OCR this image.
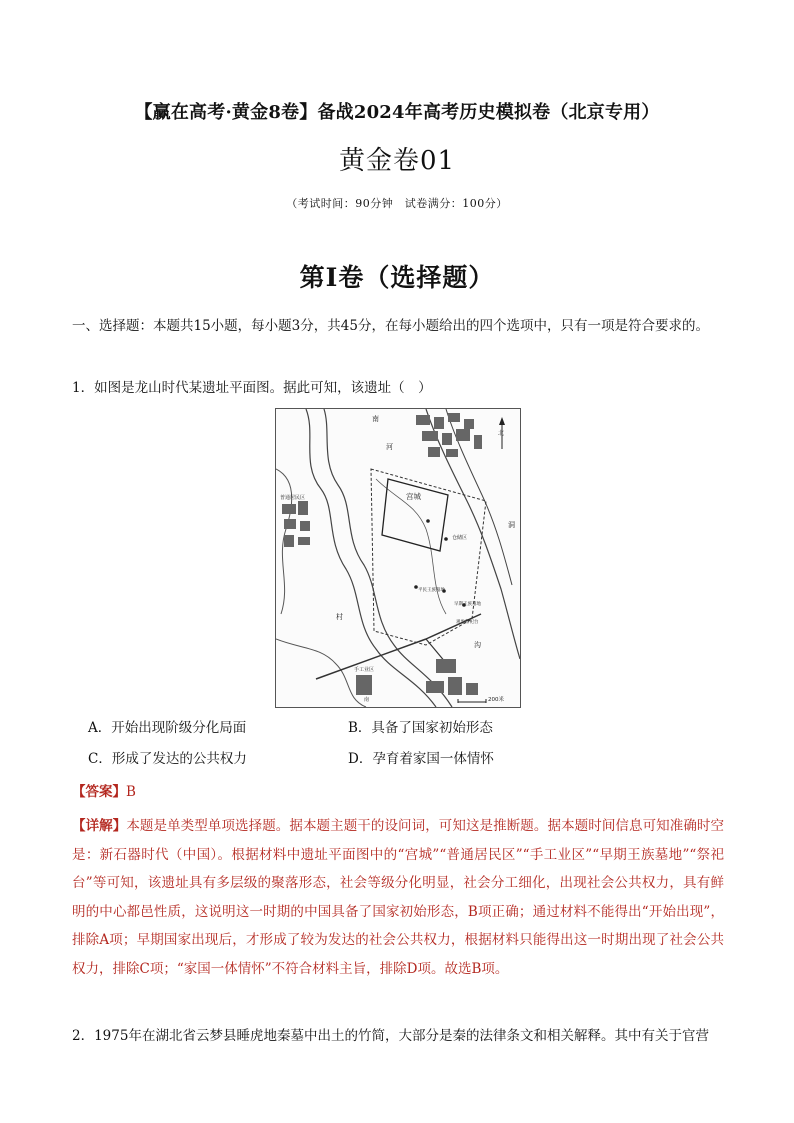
【赢在高考·黄金8卷】备战2024年高考历史模拟卷（北京专用）
黄金卷01
（考试时间：90分钟　试卷满分：100分）
第I卷（选择题）
一、选择题：本题共15小题，每小题3分，共45分，在每小题给出的四个选项中，只有一项是符合要求的。
1．如图是龙山时代某遗址平面图。据此可知，该遗址（　）
南
宫城
普通居民区
仓储区
平民王族墓地
早期王族墓地
观象祭祀台
手工业区
河
洞
村
沟
北
南	200米
A．开始出现阶级分化局面	B．具备了国家初始形态
C．形成了发达的公共权力	D．孕育着家国一体情怀
【答案】B
【详解】本题是单类型单项选择题。据本题主题干的设问词，可知这是推断题。据本题时间信息可知准确时空是：新石器时代（中国）。根据材料中遗址平面图中的“宫城”“普通居民区”“手工业区”“早期王族墓地”“祭祀台”等可知，该遗址具有多层级的聚落形态，社会等级分化明显，社会分工细化，出现社会公共权力，具有鲜明的中心都邑性质，这说明这一时期的中国具备了国家初始形态，B项正确；通过材料不能得出“开始出现”，排除A项；早期国家出现后，才形成了较为发达的社会公共权力，根据材料只能得出这一时期出现了社会公共权力，排除C项；“家国一体情怀”不符合材料主旨，排除D项。故选B项。
2．1975年在湖北省云梦县睡虎地秦墓中出土的竹简，大部分是秦的法律条文和相关解释。其中有关于官营
